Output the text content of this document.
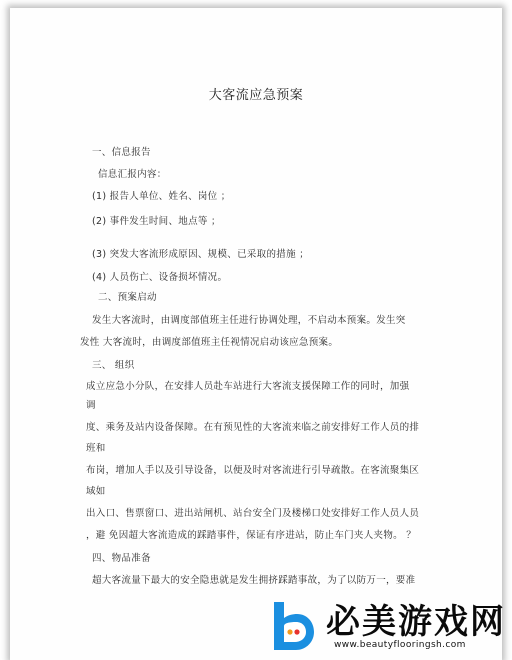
大客流应急预案
一、信息报告
信息汇报内容：
(1) 报告人单位、姓名、岗位 ；
(2) 事件发生时间、地点等 ；
(3) 突发大客流形成原因、规模、已采取的措施 ；
(4) 人员伤亡、设备损坏情况。
二、预案启动
发生大客流时，由调度部值班主任进行协调处理，不启动本预案。发生突
发性 大客流时，由调度部值班主任视情况启动该应急预案。
三、 组织
成立应急小分队，在安排人员赴车站进行大客流支援保障工作的同时，加强
调
度、乘务及站内设备保障。在有预见性的大客流来临之前安排好工作人员的排
班和
布岗，增加人手以及引导设备，以便及时对客流进行引导疏散。在客流聚集区
域如
出入口、售票窗口、进出站闸机、站台安全门及楼梯口处安排好工作人员人员
，避 免因超大客流造成的踩踏事件，保证有序进站，防止车门夹人夹物。 ？
四、物品准备
超大客流量下最大的安全隐患就是发生拥挤踩踏事故，为了以防万一，要准
必美游戏网
www.beautyflooringsh.com
